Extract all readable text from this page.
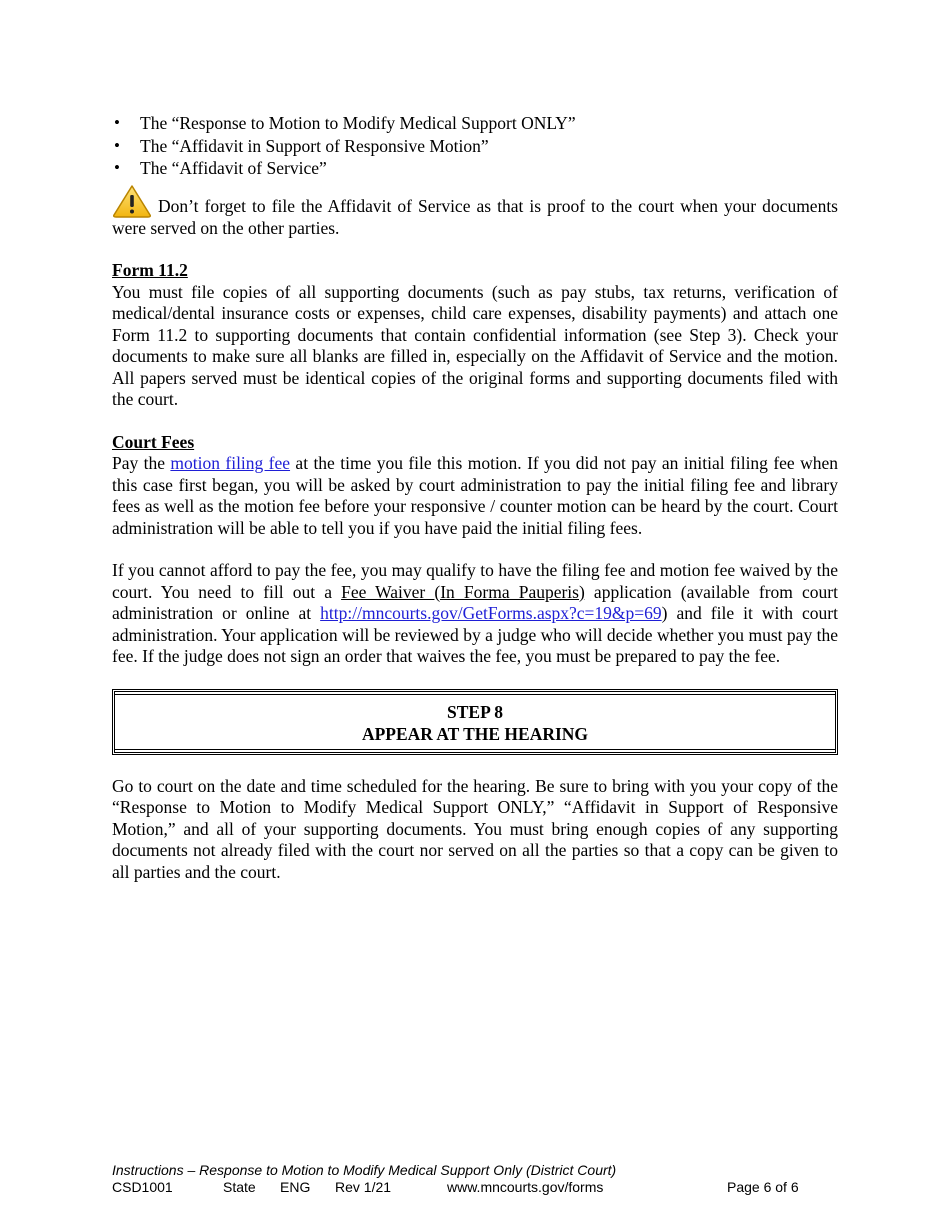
• The “Response to Motion to Modify Medical Support ONLY”
• The “Affidavit in Support of Responsive Motion”
• The “Affidavit of Service”

Don’t forget to file the Affidavit of Service as that is proof to the court when your documents were served on the other parties.

Form 11.2

You must file copies of all supporting documents (such as pay stubs, tax returns, verification of medical/dental insurance costs or expenses, child care expenses, disability payments) and attach one Form 11.2 to supporting documents that contain confidential information (see Step 3). Check your documents to make sure all blanks are filled in, especially on the Affidavit of Service and the motion. All papers served must be identical copies of the original forms and supporting documents filed with the court.

Court Fees

Pay the motion filing fee at the time you file this motion. If you did not pay an initial filing fee when this case first began, you will be asked by court administration to pay the initial filing fee and library fees as well as the motion fee before your responsive / counter motion can be heard by the court. Court administration will be able to tell you if you have paid the initial filing fees.

If you cannot afford to pay the fee, you may qualify to have the filing fee and motion fee waived by the court. You need to fill out a Fee Waiver (In Forma Pauperis) application (available from court administration or online at http://mncourts.gov/GetForms.aspx?c=19&p=69) and file it with court administration. Your application will be reviewed by a judge who will decide whether you must pay the fee. If the judge does not sign an order that waives the fee, you must be prepared to pay the fee.

STEP 8
APPEAR AT THE HEARING

Go to court on the date and time scheduled for the hearing. Be sure to bring with you your copy of the “Response to Motion to Modify Medical Support ONLY,” “Affidavit in Support of Responsive Motion,” and all of your supporting documents. You must bring enough copies of any supporting documents not already filed with the court nor served on all the parties so that a copy can be given to all parties and the court.

Instructions – Response to Motion to Modify Medical Support Only (District Court)
CSD1001	State ENG Rev 1/21	www.mncourts.gov/forms	Page 6 of 6
